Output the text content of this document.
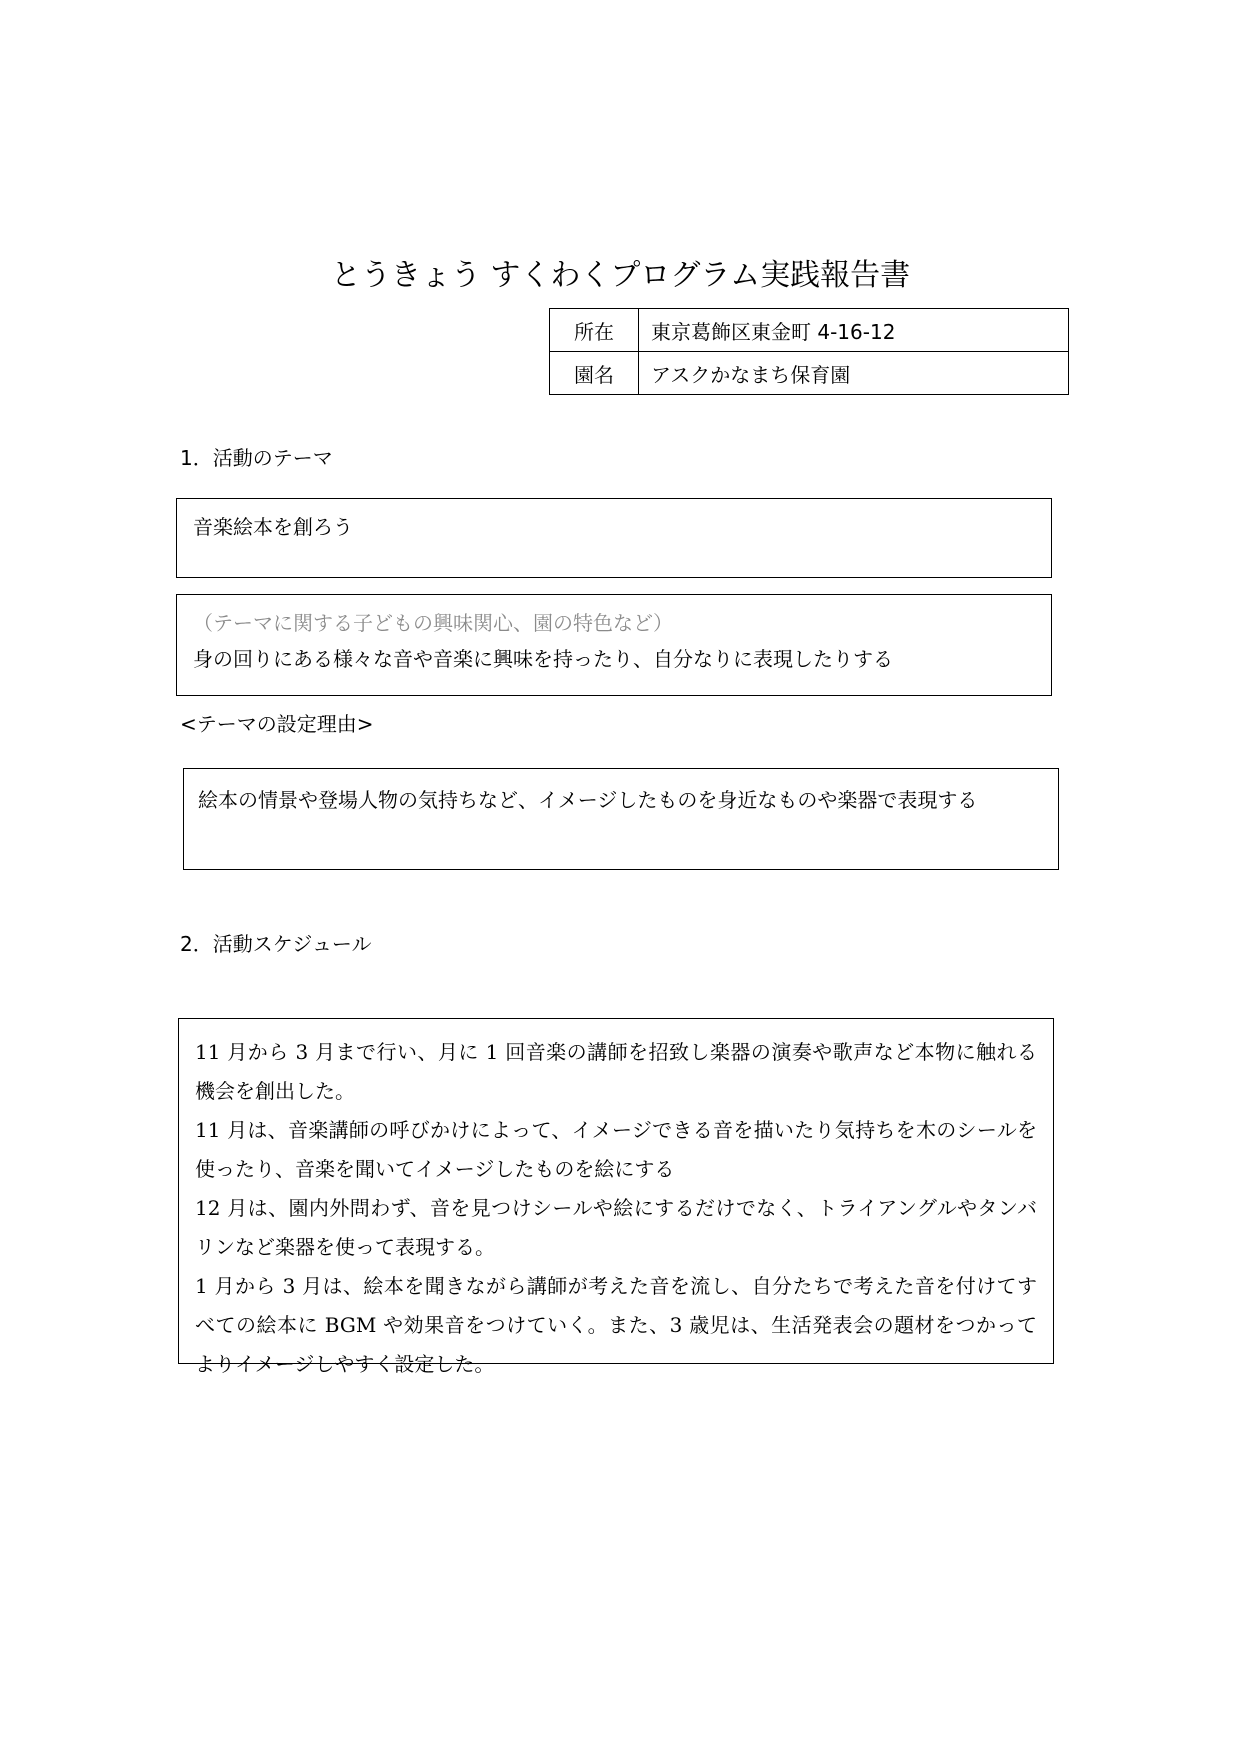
とうきょう すくわくプログラム実践報告書
所在	東京葛飾区東金町 4-16-12
園名	アスクかなまち保育園
1．活動のテーマ

音楽絵本を創ろう

（テーマに関する子どもの興味関心、園の特色など）

身の回りにある様々な音や音楽に興味を持ったり、自分なりに表現したりする

<テーマの設定理由>

絵本の情景や登場人物の気持ちなど、イメージしたものを身近なものや楽器で表現する

2．活動スケジュール

11 月から 3 月まで行い、月に 1 回音楽の講師を招致し楽器の演奏や歌声など本物に触れる機会を創出した。

11 月は、音楽講師の呼びかけによって、イメージできる音を描いたり気持ちを木のシールを使ったり、音楽を聞いてイメージしたものを絵にする

12 月は、園内外問わず、音を見つけシールや絵にするだけでなく、トライアングルやタンバリンなど楽器を使って表現する。

1 月から 3 月は、絵本を聞きながら講師が考えた音を流し、自分たちで考えた音を付けてすべての絵本に BGM や効果音をつけていく。また、3 歳児は、生活発表会の題材をつかってよりイメージしやすく設定した。
